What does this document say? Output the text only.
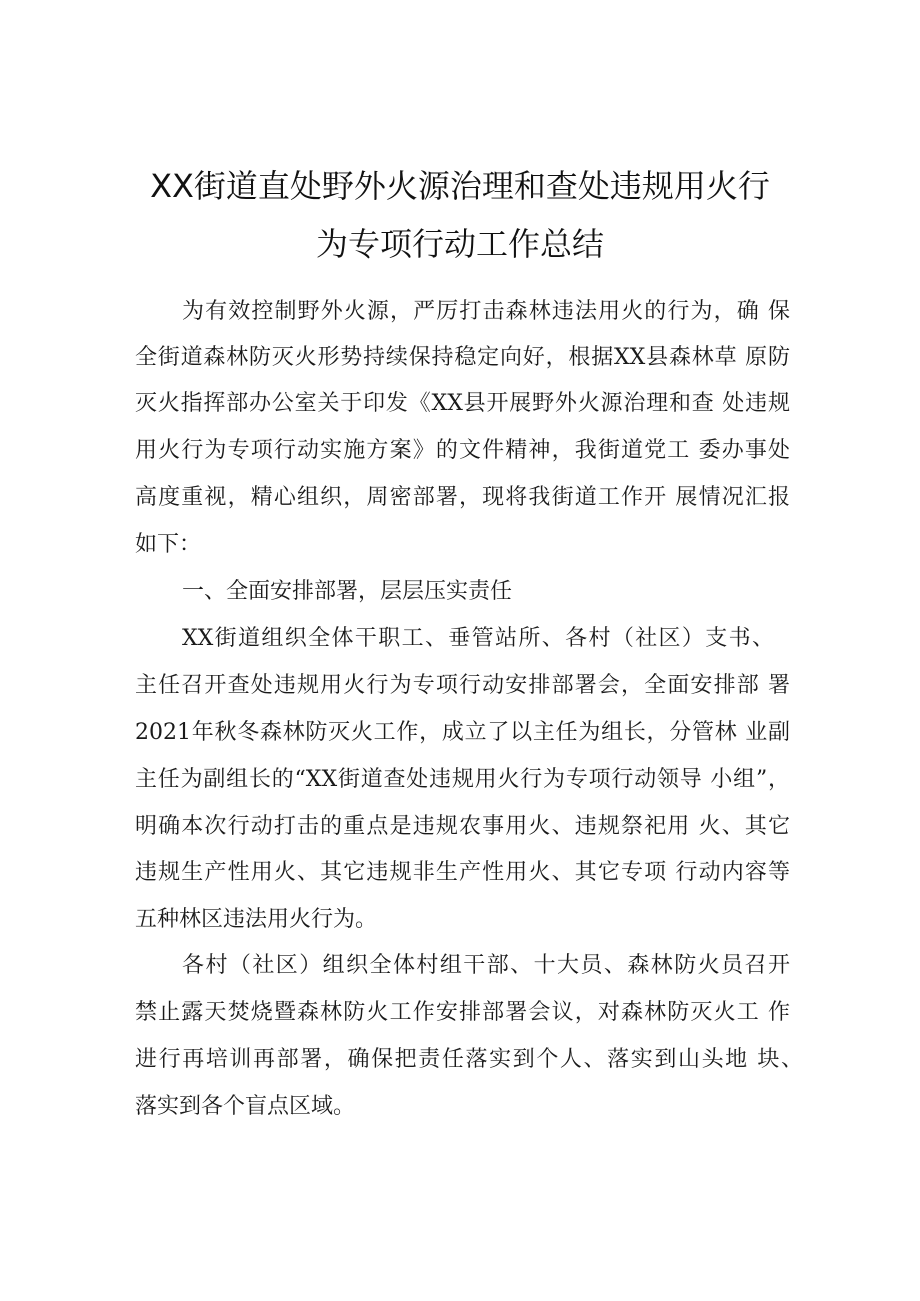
XX街道直处野外火源治理和查处违规用火行
为专项行动工作总结
为有效控制野外火源，严厉打击森林违法用火的行为，确 保
全街道森林防灭火形势持续保持稳定向好，根据XX县森林草 原防
灭火指挥部办公室关于印发《XX县开展野外火源治理和查 处违规
用火行为专项行动实施方案》的文件精神，我街道党工 委办事处
高度重视，精心组织，周密部署，现将我街道工作开 展情况汇报
如下：
一、全面安排部署，层层压实责任
XX街道组织全体干职工、垂管站所、各村（社区）支书、
主任召开查处违规用火行为专项行动安排部署会，全面安排部 署
2021年秋冬森林防灭火工作，成立了以主任为组长，分管林 业副
主任为副组长的“XX街道查处违规用火行为专项行动领导 小组”，
明确本次行动打击的重点是违规农事用火、违规祭祀用 火、其它
违规生产性用火、其它违规非生产性用火、其它专项 行动内容等
五种林区违法用火行为。
各村（社区）组织全体村组干部、十大员、森林防火员召开
禁止露天焚烧暨森林防火工作安排部署会议，对森林防灭火工 作
进行再培训再部署，确保把责任落实到个人、落实到山头地 块、
落实到各个盲点区域。
